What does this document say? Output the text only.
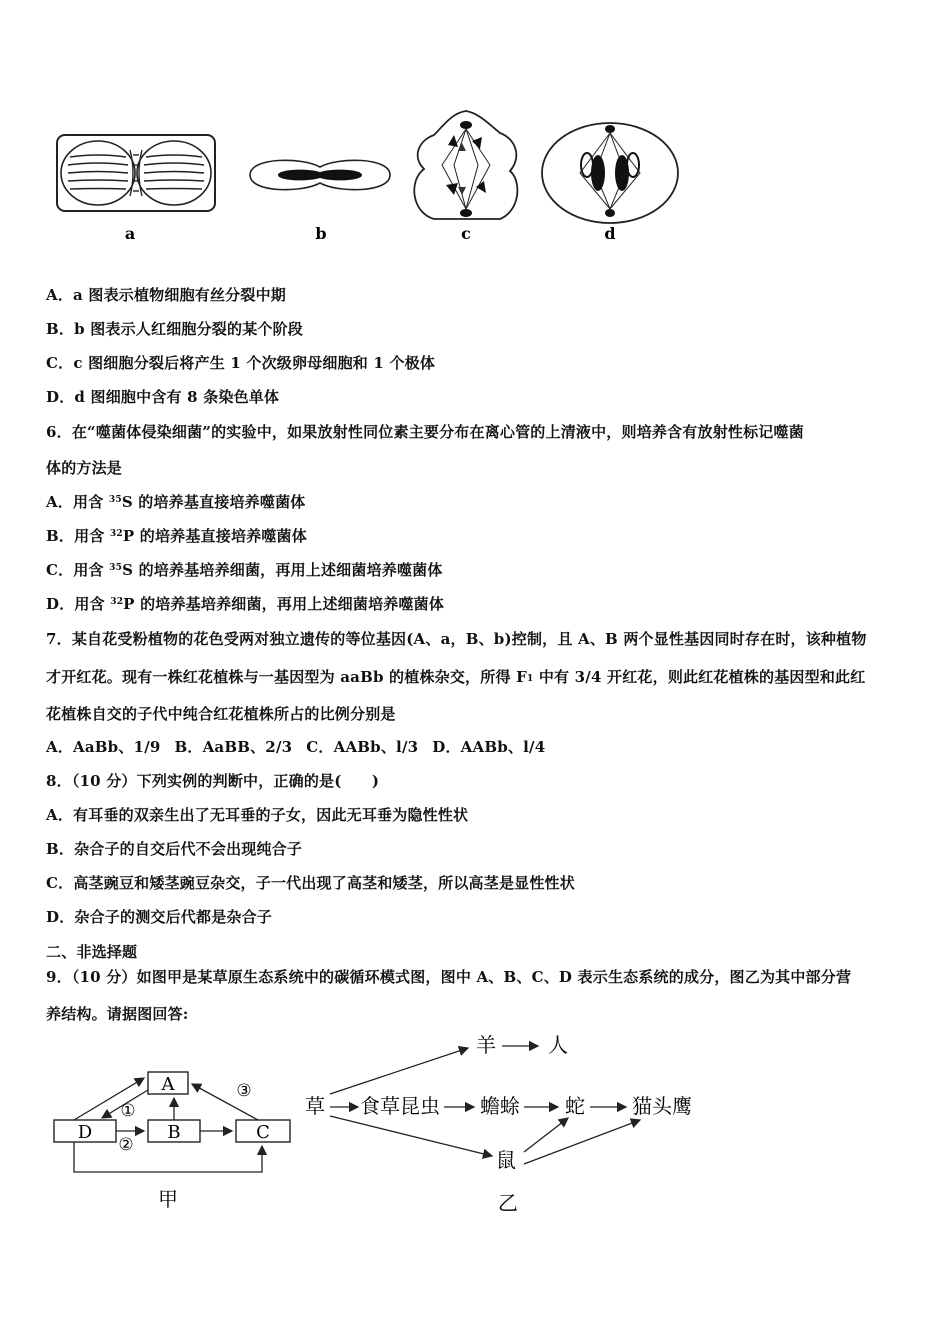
a	b	c	d
A．a 图表示植物细胞有丝分裂中期
B．b 图表示人红细胞分裂的某个阶段
C．c 图细胞分裂后将产生 1 个次级卵母细胞和 1 个极体
D．d 图细胞中含有 8 条染色单体
6．在“噬菌体侵染细菌”的实验中，如果放射性同位素主要分布在离心管的上清液中，则培养含有放射性标记噬菌
体的方法是
A．用含 $^{35}$S 的培养基直接培养噬菌体
B．用含 $^{32}$P 的培养基直接培养噬菌体
C．用含 $^{35}$S 的培养基培养细菌，再用上述细菌培养噬菌体
D．用含 $^{32}$P 的培养基培养细菌，再用上述细菌培养噬菌体
7．某自花受粉植物的花色受两对独立遗传的等位基因(A、a，B、b)控制，且 A、B 两个显性基因同时存在时，该种植物
才开红花。现有一株红花植株与一基因型为 aaBb 的植株杂交，所得 F1 中有 3/4 开红花，则此红花植株的基因型和此红
花植株自交的子代中纯合红花植株所占的比例分别是
A．AaBb、1/9 B．AaBB、2/3 C．AABb、l/3 D．AABb、l/4
8．（10 分）下列实例的判断中，正确的是(　　)
A．有耳垂的双亲生出了无耳垂的子女，因此无耳垂为隐性性状
B．杂合子的自交后代不会出现纯合子
C．高茎豌豆和矮茎豌豆杂交，子一代出现了高茎和矮茎，所以高茎是显性性状
D．杂合子的测交后代都是杂合子
二、非选择题
9．（10 分）如图甲是某草原生态系统中的碳循环模式图，图中 A、B、C、D 表示生态系统的成分，图乙为其中部分营
养结构。请据图回答:
A
B	C
D
①
②
③
甲
羊	人
草 食草昆虫 蟾蜍 蛇 猫头鹰
鼠
乙
